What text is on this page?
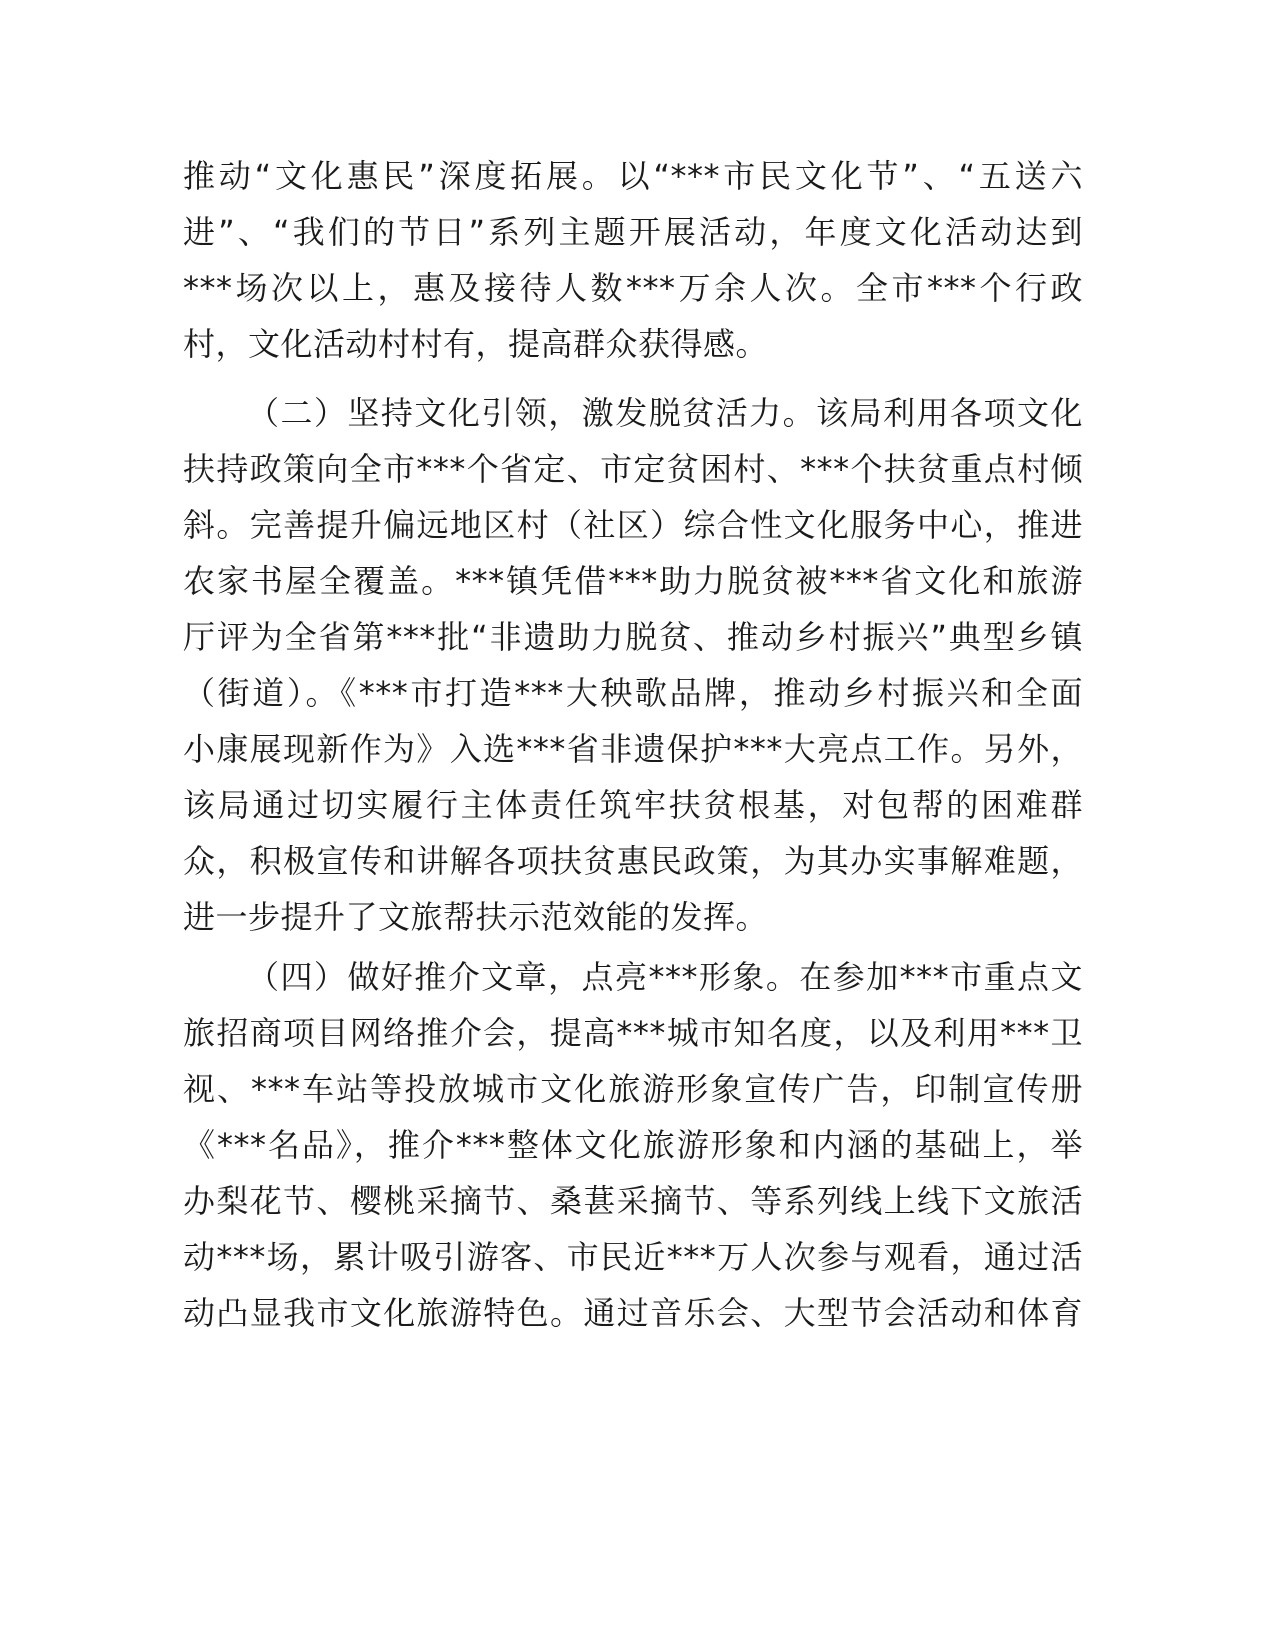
推动“文化惠民”深度拓展。以“***市民文化节”、“五送六
进”、“我们的节日”系列主题开展活动，年度文化活动达到
***场次以上，惠及接待人数***万余人次。全市***个行政
村，文化活动村村有，提高群众获得感。
（二）坚持文化引领，激发脱贫活力。该局利用各项文化
扶持政策向全市***个省定、市定贫困村、***个扶贫重点村倾
斜。完善提升偏远地区村（社区）综合性文化服务中心，推进
农家书屋全覆盖。***镇凭借***助力脱贫被***省文化和旅游
厅评为全省第***批“非遗助力脱贫、推动乡村振兴”典型乡镇
（街道）。《***市打造***大秧歌品牌，推动乡村振兴和全面
小康展现新作为》入选***省非遗保护***大亮点工作。另外，
该局通过切实履行主体责任筑牢扶贫根基，对包帮的困难群
众，积极宣传和讲解各项扶贫惠民政策，为其办实事解难题，
进一步提升了文旅帮扶示范效能的发挥。
（四）做好推介文章，点亮***形象。在参加***市重点文
旅招商项目网络推介会，提高***城市知名度，以及利用***卫
视、***车站等投放城市文化旅游形象宣传广告，印制宣传册
《***名品》，推介***整体文化旅游形象和内涵的基础上，举
办梨花节、樱桃采摘节、桑葚采摘节、等系列线上线下文旅活
动***场，累计吸引游客、市民近***万人次参与观看，通过活
动凸显我市文化旅游特色。通过音乐会、大型节会活动和体育
